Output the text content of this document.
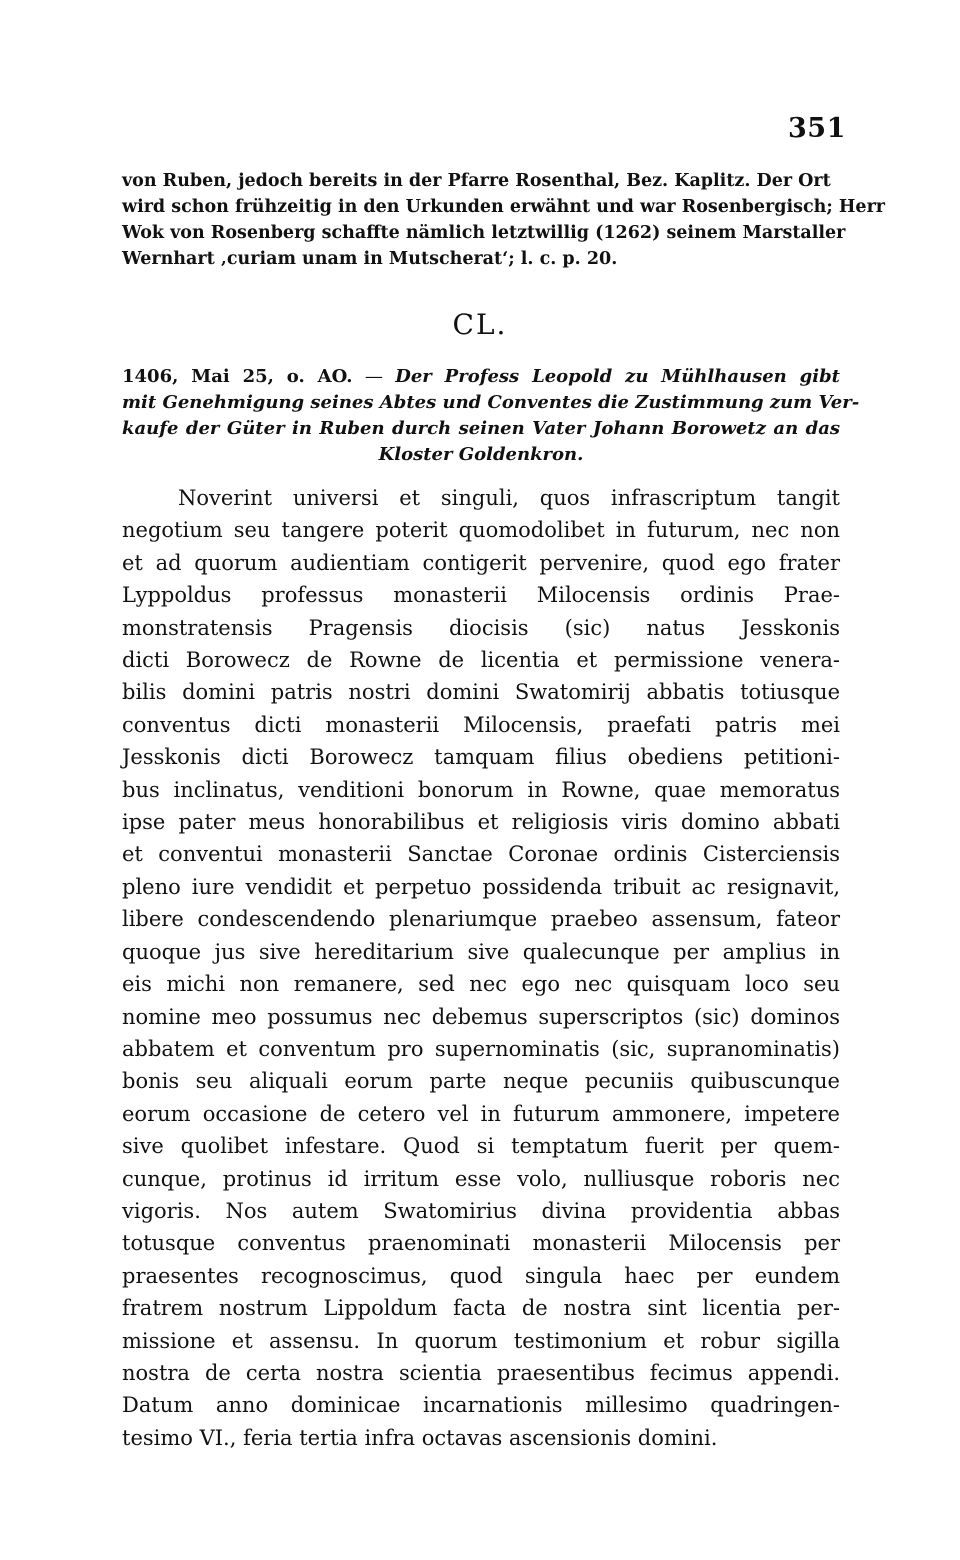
351
von Ruben, jedoch bereits in der Pfarre Rosenthal, Bez. Kaplitz. Der Ort
wird schon frühzeitig in den Urkunden erwähnt und war Rosenbergisch; Herr
Wok von Rosenberg schaffte nämlich letztwillig (1262) seinem Marstaller
Wernhart ‚curiam unam in Mutscherat‘; l. c. p. 20.
CL.
1406, Mai 25, o. AO. — Der Profess Leopold zu Mühlhausen gibt
mit Genehmigung seines Abtes und Conventes die Zustimmung zum Ver-
kaufe der Güter in Ruben durch seinen Vater Johann Borowetz an das
Kloster Goldenkron.
Noverint universi et singuli, quos infrascriptum tangit
negotium seu tangere poterit quomodolibet in futurum, nec non
et ad quorum audientiam contigerit pervenire, quod ego frater
Lyppoldus professus monasterii Milocensis ordinis Prae-
monstratensis Pragensis diocisis (sic) natus Jesskonis
dicti Borowecz de Rowne de licentia et permissione venera-
bilis domini patris nostri domini Swatomirij abbatis totiusque
conventus dicti monasterii Milocensis, praefati patris mei
Jesskonis dicti Borowecz tamquam filius obediens petitioni-
bus inclinatus, venditioni bonorum in Rowne, quae memoratus
ipse pater meus honorabilibus et religiosis viris domino abbati
et conventui monasterii Sanctae Coronae ordinis Cisterciensis
pleno iure vendidit et perpetuo possidenda tribuit ac resignavit,
libere condescendendo plenariumque praebeo assensum, fateor
quoque jus sive hereditarium sive qualecunque per amplius in
eis michi non remanere, sed nec ego nec quisquam loco seu
nomine meo possumus nec debemus superscriptos (sic) dominos
abbatem et conventum pro supernominatis (sic, supranominatis)
bonis seu aliquali eorum parte neque pecuniis quibuscunque
eorum occasione de cetero vel in futurum ammonere, impetere
sive quolibet infestare. Quod si temptatum fuerit per quem-
cunque, protinus id irritum esse volo, nulliusque roboris nec
vigoris. Nos autem Swatomirius divina providentia abbas
totusque conventus praenominati monasterii Milocensis per
praesentes recognoscimus, quod singula haec per eundem
fratrem nostrum Lippoldum facta de nostra sint licentia per-
missione et assensu. In quorum testimonium et robur sigilla
nostra de certa nostra scientia praesentibus fecimus appendi.
Datum anno dominicae incarnationis millesimo quadringen-
tesimo VI., feria tertia infra octavas ascensionis domini.
